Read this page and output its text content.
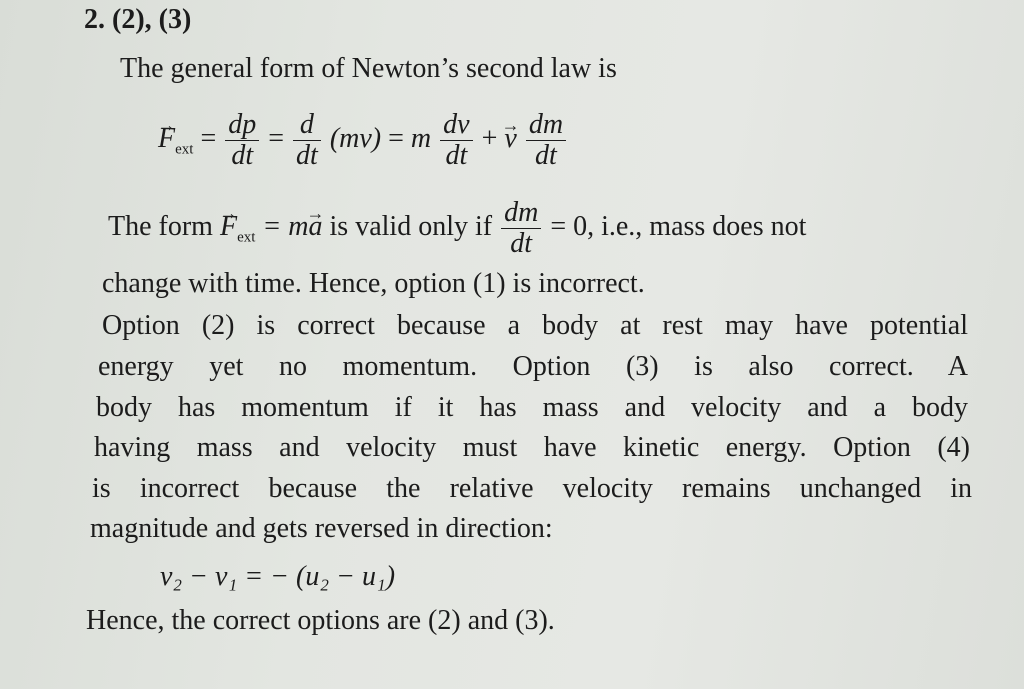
2. (2), (3)
The general form of Newton’s second law is
→ $F_{ext} = \frac{dp}{dt} = \frac{d}{dt} (mv) = m \frac{dv}{dt}$ + → v $\frac{dm}{dt}$
The form → $F_{ext} = m\to a$ is valid only if $\frac{dm}{dt} = 0$, i.e., mass does not
change with time. Hence, option (1) is incorrect.
Option (2) is correct because a body at rest may have potential
energy yet no momentum. Option (3) is also correct. A
body has momentum if it has mass and velocity and a body
having mass and velocity must have kinetic energy. Option (4)
is incorrect because the relative velocity remains unchanged in
magnitude and gets reversed in direction:
v₂ − v₁ = − (u₂ − u₁)
Hence, the correct options are (2) and (3).
